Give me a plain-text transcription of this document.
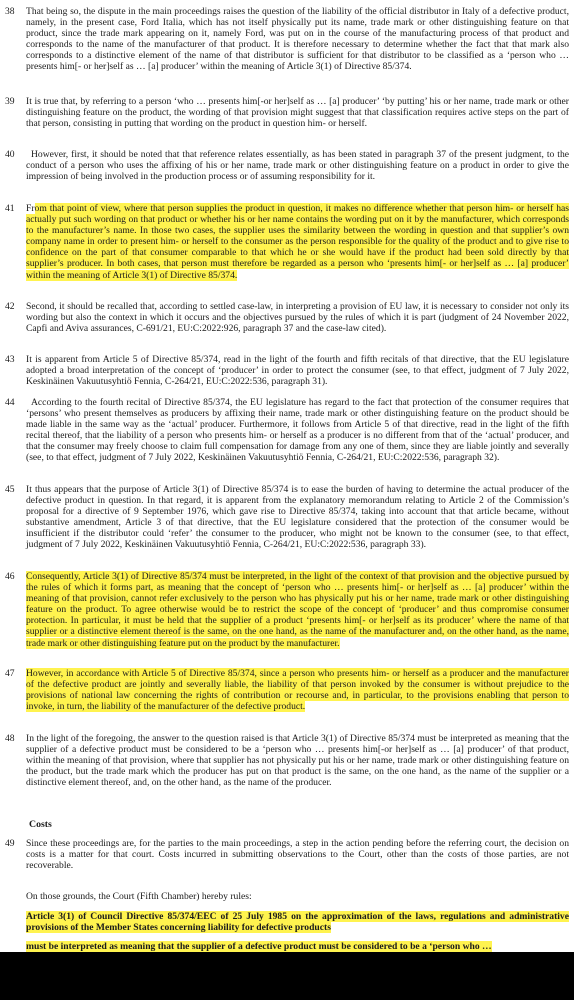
38 That being so, the dispute in the main proceedings raises the question of the liability of the official distributor in Italy of a defective product, namely, in the present case, Ford Italia, which has not itself physically put its name, trade mark or other distinguishing feature on that product, since the trade mark appearing on it, namely Ford, was put on in the course of the manufacturing process of that product and corresponds to the name of the manufacturer of that product. It is therefore necessary to determine whether the fact that that mark also corresponds to a distinctive element of the name of that distributor is sufficient for that distributor to be classified as a ‘person who … presents him[- or her]self as … [a] producer’ within the meaning of Article 3(1) of Directive 85/374.
39 It is true that, by referring to a person ‘who … presents him[-or her]self as … [a] producer’ ‘by putting’ his or her name, trade mark or other distinguishing feature on the product, the wording of that provision might suggest that that classification requires active steps on the part of that person, consisting in putting that wording on the product in question him- or herself.
40	However, first, it should be noted that that reference relates essentially, as has been stated in paragraph 37 of the present judgment, to the conduct of a person who uses the affixing of his or her name, trade mark or other distinguishing feature on a product in order to give the impression of being involved in the production process or of assuming responsibility for it.
41 From that point of view, where that person supplies the product in question, it makes no difference whether that person him- or herself has actually put such wording on that product or whether his or her name contains the wording put on it by the manufacturer, which corresponds to the manufacturer’s name. In those two cases, the supplier uses the similarity between the wording in question and that supplier’s own company name in order to present him- or herself to the consumer as the person responsible for the quality of the product and to give rise to confidence on the part of that consumer comparable to that which he or she would have if the product had been sold directly by that supplier’s producer. In both cases, that person must therefore be regarded as a person who ‘presents him[- or her]self as … [a] producer’ within the meaning of Article 3(1) of Directive 85/374.
42 Second, it should be recalled that, according to settled case-law, in interpreting a provision of EU law, it is necessary to consider not only its wording but also the context in which it occurs and the objectives pursued by the rules of which it is part (judgment of 24 November 2022, Capfi and Aviva assurances, C-691/21, EU:C:2022:926, paragraph 37 and the case-law cited).
43 It is apparent from Article 5 of Directive 85/374, read in the light of the fourth and fifth recitals of that directive, that the EU legislature adopted a broad interpretation of the concept of ‘producer’ in order to protect the consumer (see, to that effect, judgment of 7 July 2022, Keskinäinen Vakuutusyhtiö Fennia, C-264/21, EU:C:2022:536, paragraph 31).
44	According to the fourth recital of Directive 85/374, the EU legislature has regard to the fact that protection of the consumer requires that ‘persons’ who present themselves as producers by affixing their name, trade mark or other distinguishing feature on the product should be made liable in the same way as the ‘actual’ producer. Furthermore, it follows from Article 5 of that directive, read in the light of the fifth recital thereof, that the liability of a person who presents him- or herself as a producer is no different from that of the ‘actual’ producer, and that the consumer may freely choose to claim full compensation for damage from any one of them, since they are liable jointly and severally (see, to that effect, judgment of 7 July 2022, Keskinäinen Vakuutusyhtiö Fennia, C-264/21, EU:C:2022:536, paragraph 32).
45 It thus appears that the purpose of Article 3(1) of Directive 85/374 is to ease the burden of having to determine the actual producer of the defective product in question. In that regard, it is apparent from the explanatory memorandum relating to Article 2 of the Commission’s proposal for a directive of 9 September 1976, which gave rise to Directive 85/374, taking into account that that article became, without substantive amendment, Article 3 of that directive, that the EU legislature considered that the protection of the consumer would be insufficient if the distributor could ‘refer’ the consumer to the producer, who might not be known to the consumer (see, to that effect, judgment of 7 July 2022, Keskinäinen Vakuutusyhtiö Fennia, C-264/21, EU:C:2022:536, paragraph 33).
46 Consequently, Article 3(1) of Directive 85/374 must be interpreted, in the light of the context of that provision and the objective pursued by the rules of which it forms part, as meaning that the concept of ‘person who … presents him[- or her]self as … [a] producer’ within the meaning of that provision, cannot refer exclusively to the person who has physically put his or her name, trade mark or other distinguishing feature on the product. To agree otherwise would be to restrict the scope of the concept of ‘producer’ and thus compromise consumer protection. In particular, it must be held that the supplier of a product ‘presents him[- or her]self as its producer’ where the name of that supplier or a distinctive element thereof is the same, on the one hand, as the name of the manufacturer and, on the other hand, as the name, trade mark or other distinguishing feature put on the product by the manufacturer.
47 However, in accordance with Article 5 of Directive 85/374, since a person who presents him- or herself as a producer and the manufacturer of the defective product are jointly and severally liable, the liability of that person invoked by the consumer is without prejudice to the provisions of national law concerning the rights of contribution or recourse and, in particular, to the provisions enabling that person to invoke, in turn, the liability of the manufacturer of the defective product.
48 In the light of the foregoing, the answer to the question raised is that Article 3(1) of Directive 85/374 must be interpreted as meaning that the supplier of a defective product must be considered to be a ‘person who … presents him[-or her]self as … [a] producer’ of that product, within the meaning of that provision, where that supplier has not physically put his or her name, trade mark or other distinguishing feature on the product, but the trade mark which the producer has put on that product is the same, on the one hand, as the name of the supplier or a distinctive element thereof, and, on the other hand, as the name of the producer.
Costs
49 Since these proceedings are, for the parties to the main proceedings, a step in the action pending before the referring court, the decision on costs is a matter for that court. Costs incurred in submitting observations to the Court, other than the costs of those parties, are not recoverable.
On those grounds, the Court (Fifth Chamber) hereby rules:
Article 3(1) of Council Directive 85/374/EEC of 25 July 1985 on the approximation of the laws, regulations and administrative provisions of the Member States concerning liability for defective products
must be interpreted as meaning that the supplier of a defective product must be considered to be a ‘person who …
